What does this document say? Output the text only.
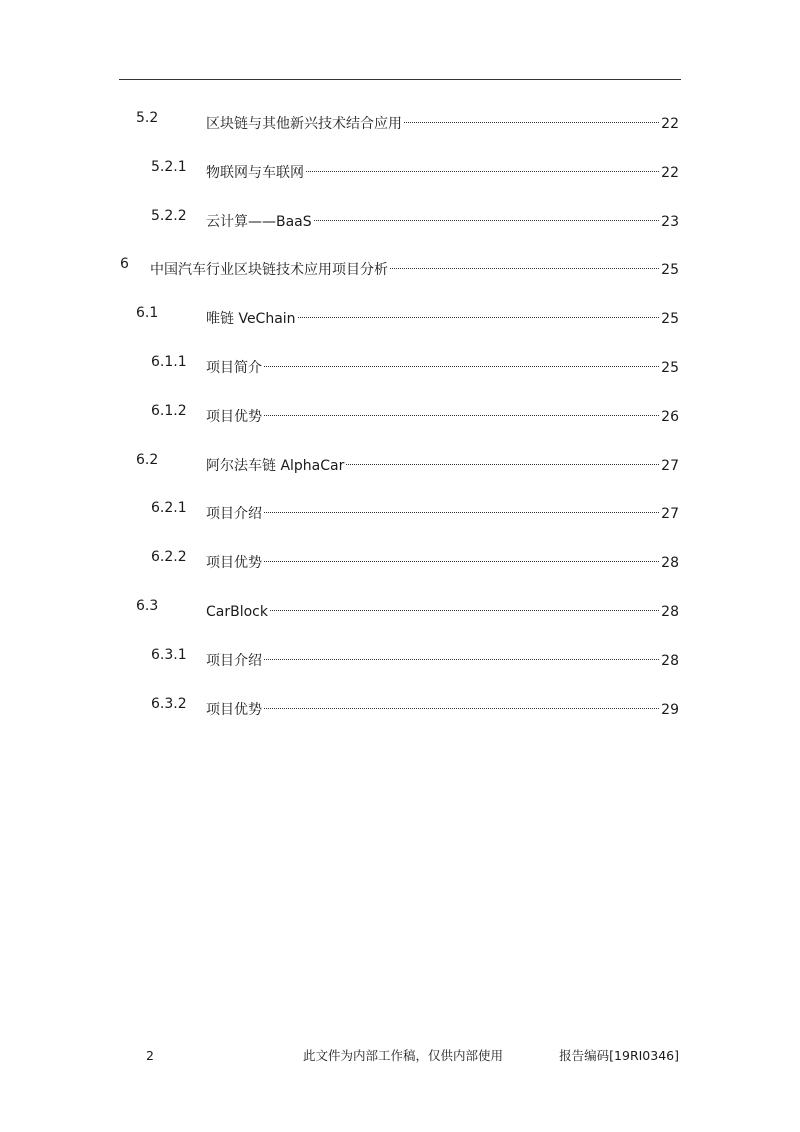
5.2	区块链与其他新兴技术结合应用	22
5.2.1 物联网与车联网	22
5.2.2 云计算——BaaS	23
6 中国汽车行业区块链技术应用项目分析	25
6.1	唯链 VeChain	25
6.1.1 项目简介	25
6.1.2 项目优势	26
6.2	阿尔法车链 AlphaCar	27
6.2.1 项目介绍	27
6.2.2 项目优势	28
6.3	CarBlock	28
6.3.1 项目介绍	28
6.3.2 项目优势	29
2	此文件为内部工作稿，仅供内部使用	报告编码[19RI0346]
